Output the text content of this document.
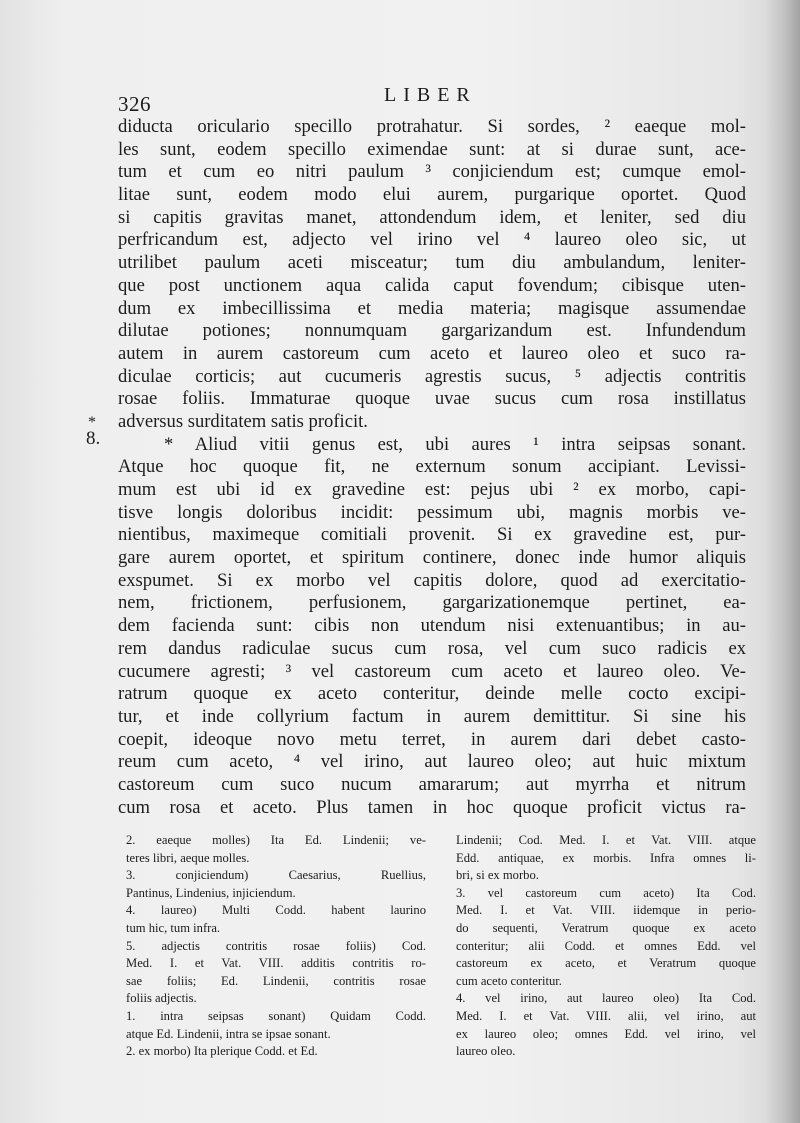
326	LIBER
*
8.
diducta oriculario specillo protrahatur. Si sordes, ² eaeque mol-
les sunt, eodem specillo eximendae sunt: at si durae sunt, ace-
tum et cum eo nitri paulum ³ conjiciendum est; cumque emol-
litae sunt, eodem modo elui aurem, purgarique oportet. Quod
si capitis gravitas manet, attondendum idem, et leniter, sed diu
perfricandum est, adjecto vel irino vel ⁴ laureo oleo sic, ut
utrilibet paulum aceti misceatur; tum diu ambulandum, leniter-
que post unctionem aqua calida caput fovendum; cibisque uten-
dum ex imbecillissima et media materia; magisque assumendae
dilutae potiones; nonnumquam gargarizandum est. Infundendum
autem in aurem castoreum cum aceto et laureo oleo et suco ra-
diculae corticis; aut cucumeris agrestis sucus, ⁵ adjectis contritis
rosae foliis. Immaturae quoque uvae sucus cum rosa instillatus
adversus surditatem satis proficit.
* Aliud vitii genus est, ubi aures ¹ intra seipsas sonant.
Atque hoc quoque fit, ne externum sonum accipiant. Levissi-
mum est ubi id ex gravedine est: pejus ubi ² ex morbo, capi-
tisve longis doloribus incidit: pessimum ubi, magnis morbis ve-
nientibus, maximeque comitiali provenit. Si ex gravedine est, pur-
gare aurem oportet, et spiritum continere, donec inde humor aliquis
exspumet. Si ex morbo vel capitis dolore, quod ad exercitatio-
nem, frictionem, perfusionem, gargarizationemque pertinet, ea-
dem facienda sunt: cibis non utendum nisi extenuantibus; in au-
rem dandus radiculae sucus cum rosa, vel cum suco radicis ex
cucumere agresti; ³ vel castoreum cum aceto et laureo oleo. Ve-
ratrum quoque ex aceto conteritur, deinde melle cocto excipi-
tur, et inde collyrium factum in aurem demittitur. Si sine his
coepit, ideoque novo metu terret, in aurem dari debet casto-
reum cum aceto, ⁴ vel irino, aut laureo oleo; aut huic mixtum
castoreum cum suco nucum amararum; aut myrrha et nitrum
cum rosa et aceto. Plus tamen in hoc quoque proficit victus ra-
2. eaeque molles) Ita Ed. Lindenii; ve-
teres libri, aeque molles.
3. conjiciendum) Caesarius, Ruellius,
Pantinus, Lindenius, injiciendum.
4. laureo) Multi Codd. habent laurino
tum hic, tum infra.
5. adjectis contritis rosae foliis) Cod.
Med. I. et Vat. VIII. additis contritis ro-
sae foliis; Ed. Lindenii, contritis rosae
foliis adjectis.
1. intra seipsas sonant) Quidam Codd.
atque Ed. Lindenii, intra se ipsae sonant.
2. ex morbo) Ita plerique Codd. et Ed.
Lindenii; Cod. Med. I. et Vat. VIII. atque
Edd. antiquae, ex morbis. Infra omnes li-
bri, si ex morbo.
3. vel castoreum cum aceto) Ita Cod.
Med. I. et Vat. VIII. iidemque in perio-
do sequenti, Veratrum quoque ex aceto
conteritur; alii Codd. et omnes Edd. vel
castoreum ex aceto, et Veratrum quoque
cum aceto conteritur.
4. vel irino, aut laureo oleo) Ita Cod.
Med. I. et Vat. VIII. alii, vel irino, aut
ex laureo oleo; omnes Edd. vel irino, vel
laureo oleo.
